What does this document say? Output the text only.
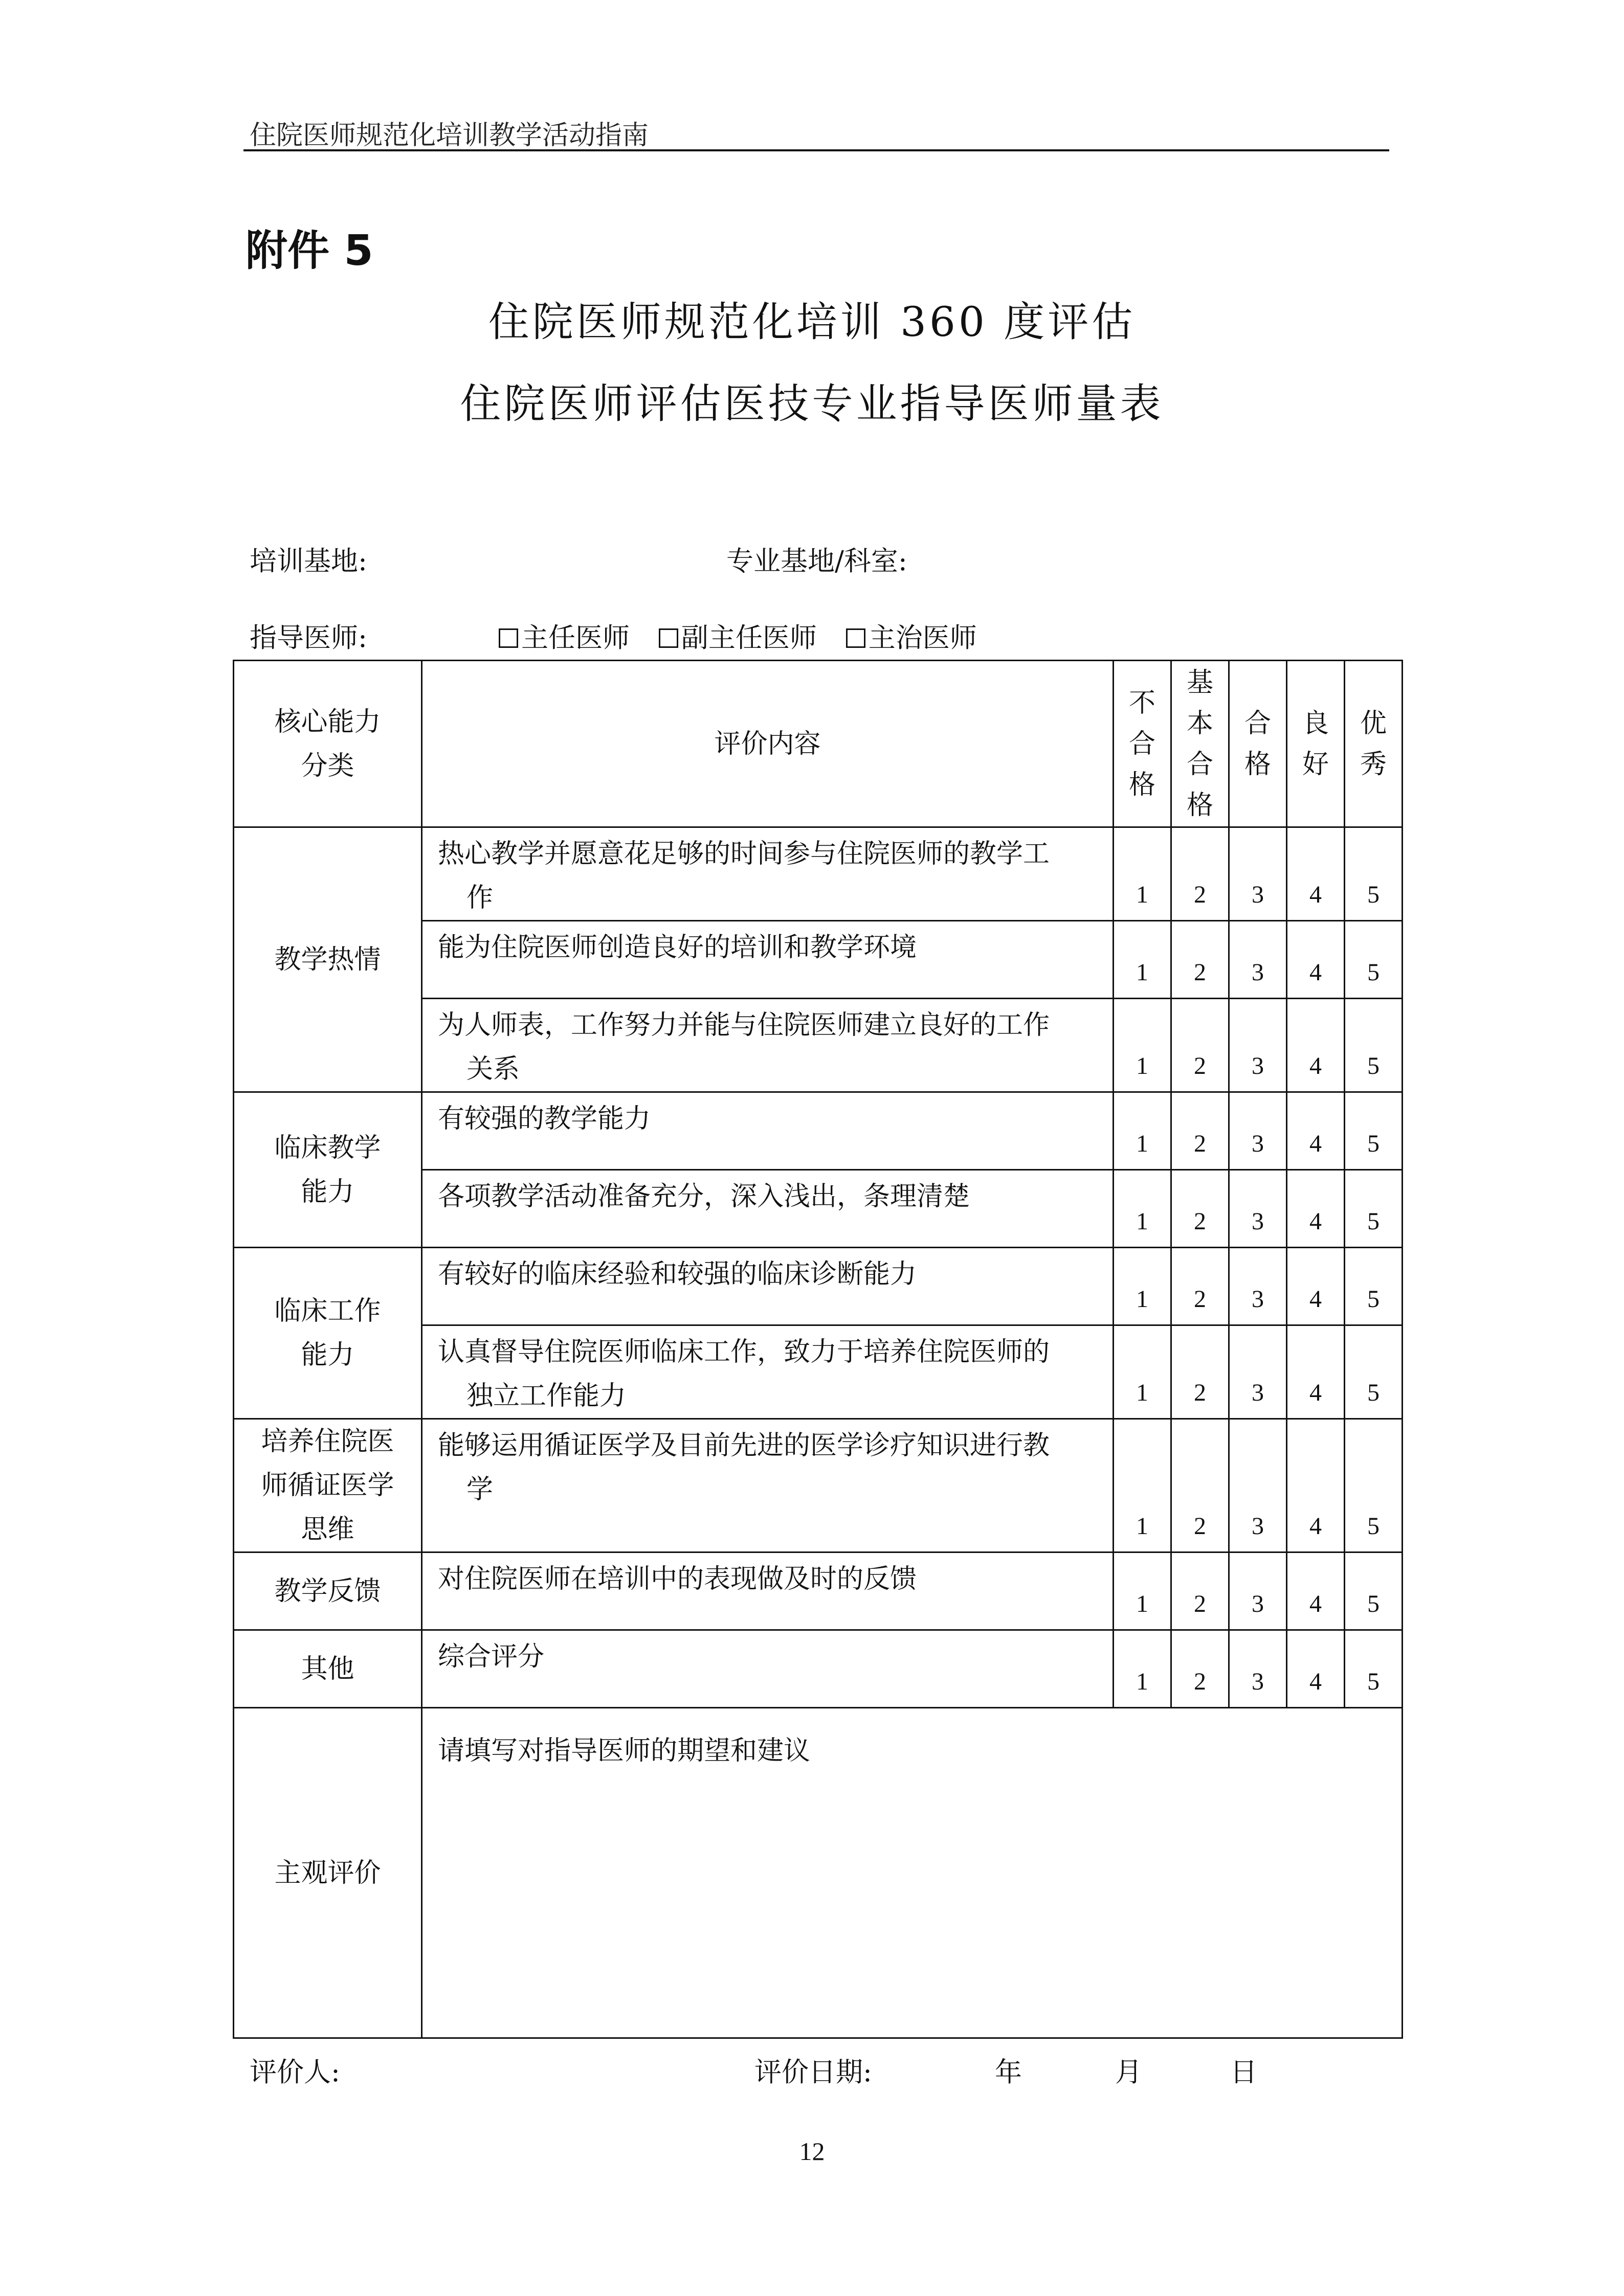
住院医师规范化培训教学活动指南
附件 5
住院医师规范化培训 360 度评估
住院医师评估医技专业指导医师量表
培训基地:	专业基地/科室:
指导医师:	主任医师 副主任医师 主治医师
核心能力
分类	评价内容	不
合
格	基
本
合
格	合
格	良
好	优
秀

教学热情	热心教学并愿意花足够的时间参与住院医师的教学工
作	1	2	3	4	5

	能为住院医师创造良好的培训和教学环境	1	2	3	4	5

	为人师表，工作努力并能与住院医师建立良好的工作
关系	1	2	3	4	5

临床教学
能力	有较强的教学能力	1	2	3	4	5

	各项教学活动准备充分，深入浅出，条理清楚	1	2	3	4	5

临床工作
能力	有较好的临床经验和较强的临床诊断能力	1	2	3	4	5

	认真督导住院医师临床工作，致力于培养住院医师的
独立工作能力	1	2	3	4	5

培养住院医
师循证医学
思维	能够运用循证医学及目前先进的医学诊疗知识进行教
学	1	2	3	4	5

教学反馈	对住院医师在培训中的表现做及时的反馈	1	2	3	4	5

其他	综合评分	1	2	3	4	5
主观评价	请填写对指导医师的期望和建议					
评价人:	评价日期:	年	月	日
12
